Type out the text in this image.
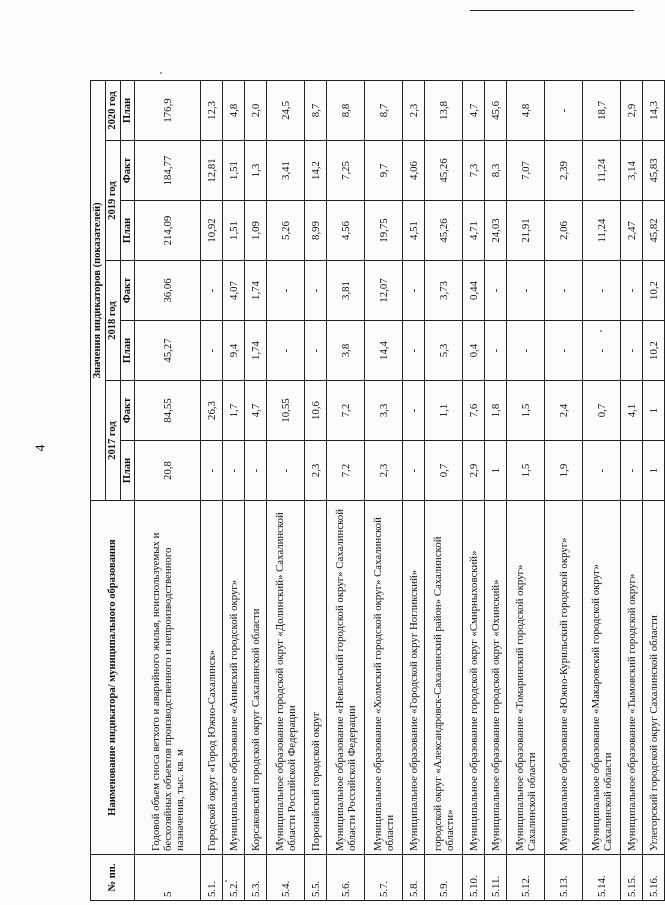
4
№ пп.	Наименование индикатора/ муниципального образования	Значения индикаторов (показателей)						
		2017 год		2018 год		2019 год		2020 год
		План	Факт	План	Факт	План	Факт	План
5	Годовой объем сноса ветхого и аварийного жилья, неиспользуемых и бесхозяйных объектов производственного и непроизводственного назначения, тыс. кв. м	20,8	84,55	45,27	36,06	214,09	184,77	176,9
5.1.	Городской округ «Город Южно-Сахалинск»	-	26,3	-	-	10,92	12,81	12,3
5.2.	Муниципальное образование «Анивский городской округ»	-	1,7	9,4	4,07	1,51	1,51	4,8
5.3.	Корсаковский городской округ Сахалинской области	-	4,7	1,74	1,74	1,09	1,3	2,0
5.4.	Муниципальное образование городской округ «Долинский» Сахалинской области Российской Федерации	-	10,55	-	-	5,26	3,41	24,5
5.5.	Поронайский городской округ	2,3	10,6	-	-	8,99	14,2	8,7
5.6.	Муниципальное образование «Невельский городской округ» Сахалинской области Российской Федерации	7,2	7,2	3,8	3,81	4,56	7,25	8,8
5.7.	Муниципальное образование «Холмский городской округ» Сахалинской области	2,3	3,3	14,4	12,07	19,75	9,7	8,7
5.8.	Муниципальное образование «Городской округ Ногликский»	-	-	-	-	4,51	4,06	2,3
5.9.	городской округ «Александровск-Сахалинский район» Сахалинской области»	0,7	1,1	5,3	3,73	45,26	45,26	13,8
5.10.	Муниципальное образование городской округ «Смирныховский»	2,9	7,6	0,4	0,44	4,71	7,3	4,7
5.11.	Муниципальное образование городской округ «Охинский»	1	1,8	-	-	24,03	8,3	45,6
5.12.	Муниципальное образование «Томаринский городской округ» Сахалинской области	1,5	1,5	-	-	21,91	7,07	4,8
5.13.	Муниципальное образование «Южно-Курильский городской округ»	1,9	2,4	-	-	2,06	2,39	-
5.14.	Муниципальное образование «Макаровский городской округ» Сахалинской области	-	0,7	-	-	11,24	11,24	18,7
5.15.	Муниципальное образование «Тымовский городской округ»	-	4,1	-	-	2,47	3,14	2,9
5.16.	Углегорский городской округ Сахалинской области	1	1	10,2	10,2	45,82	45,83	14,3
